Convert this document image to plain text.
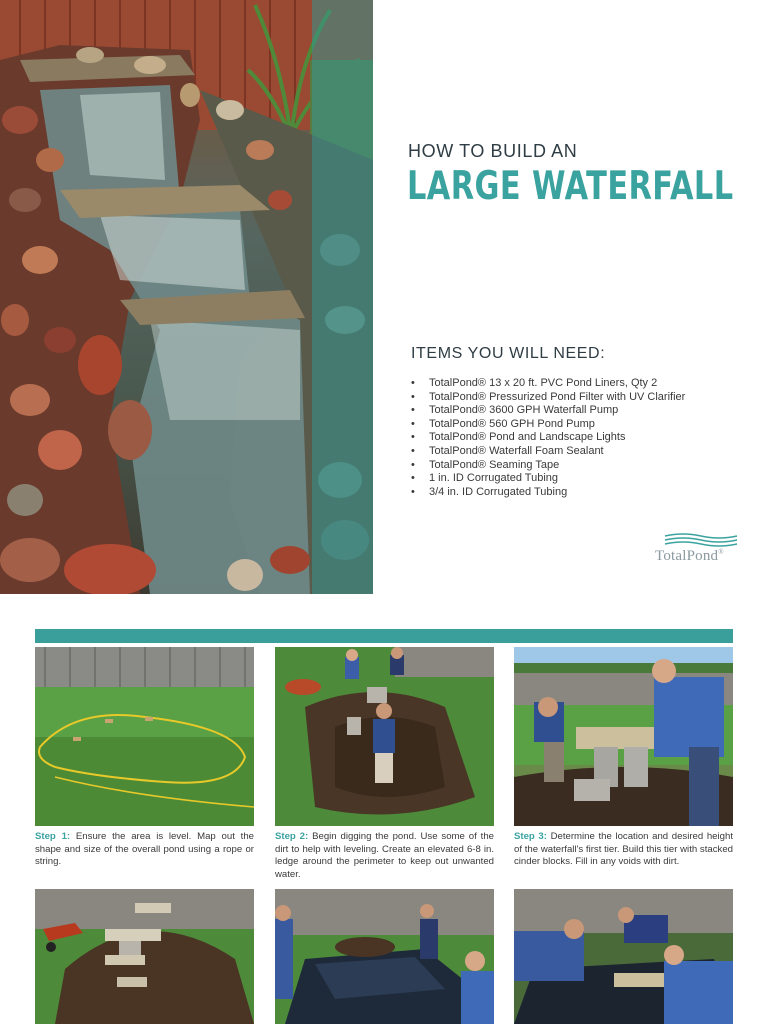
HOW TO BUILD AN
LARGE WATERFALL
ITEMS YOU WILL NEED:
• TotalPond® 13 x 20 ft. PVC Pond Liners, Qty 2
• TotalPond® Pressurized Pond Filter with UV Clarifier
• TotalPond® 3600 GPH Waterfall Pump
• TotalPond® 560 GPH Pond Pump
• TotalPond® Pond and Landscape Lights
• TotalPond® Waterfall Foam Sealant
• TotalPond® Seaming Tape
• 1 in. ID Corrugated Tubing
• 3/4 in. ID Corrugated Tubing
TotalPond®
Step 1: Ensure the area is level. Map out the shape and size of the overall pond using a rope or string.
Step 2: Begin digging the pond. Use some of the dirt to help with leveling. Create an elevated 6-8 in. ledge around the perimeter to keep out unwanted water.
Step 3: Determine the location and desired height of the waterfall's first tier. Build this tier with stacked cinder blocks. Fill in any voids with dirt.
